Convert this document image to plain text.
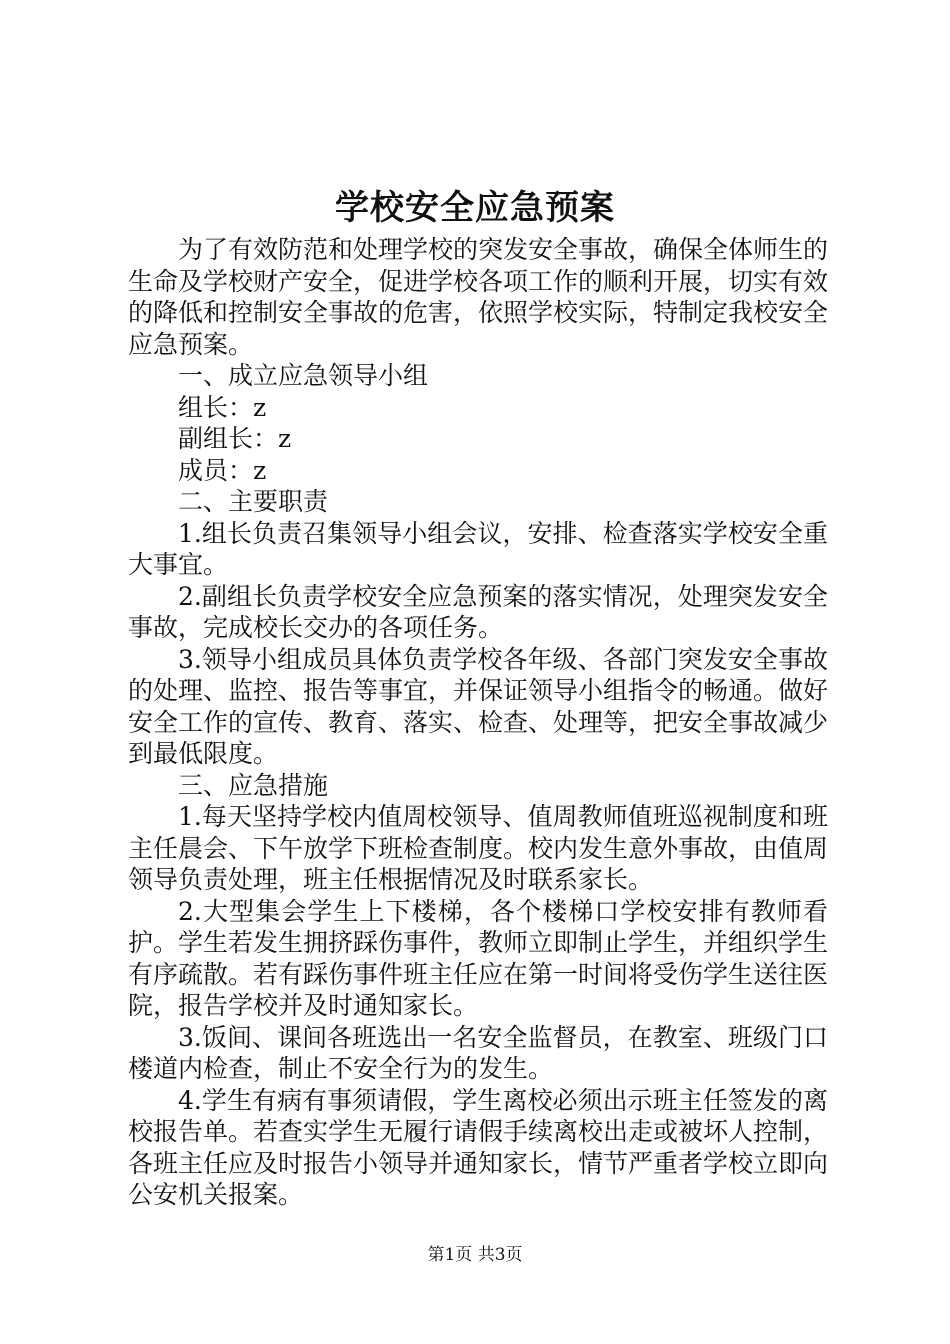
学校安全应急预案

为了有效防范和处理学校的突发安全事故，确保全体师生的生命及学校财产安全，促进学校各项工作的顺利开展，切实有效的降低和控制安全事故的危害，依照学校实际，特制定我校安全应急预案。

一、成立应急领导小组

组长：z

副组长：z

成员：z

二、主要职责

1.组长负责召集领导小组会议，安排、检查落实学校安全重大事宜。

2.副组长负责学校安全应急预案的落实情况，处理突发安全事故，完成校长交办的各项任务。

3.领导小组成员具体负责学校各年级、各部门突发安全事故的处理、监控、报告等事宜，并保证领导小组指令的畅通。做好安全工作的宣传、教育、落实、检查、处理等，把安全事故减少到最低限度。

三、应急措施

1.每天坚持学校内值周校领导、值周教师值班巡视制度和班主任晨会、下午放学下班检查制度。校内发生意外事故，由值周领导负责处理，班主任根据情况及时联系家长。

2.大型集会学生上下楼梯，各个楼梯口学校安排有教师看护。学生若发生拥挤踩伤事件，教师立即制止学生，并组织学生有序疏散。若有踩伤事件班主任应在第一时间将受伤学生送往医院，报告学校并及时通知家长。

3.饭间、课间各班选出一名安全监督员，在教室、班级门口楼道内检查，制止不安全行为的发生。

4.学生有病有事须请假，学生离校必须出示班主任签发的离校报告单。若查实学生无履行请假手续离校出走或被坏人控制，各班主任应及时报告小领导并通知家长，情节严重者学校立即向公安机关报案。

第1页 共3页
